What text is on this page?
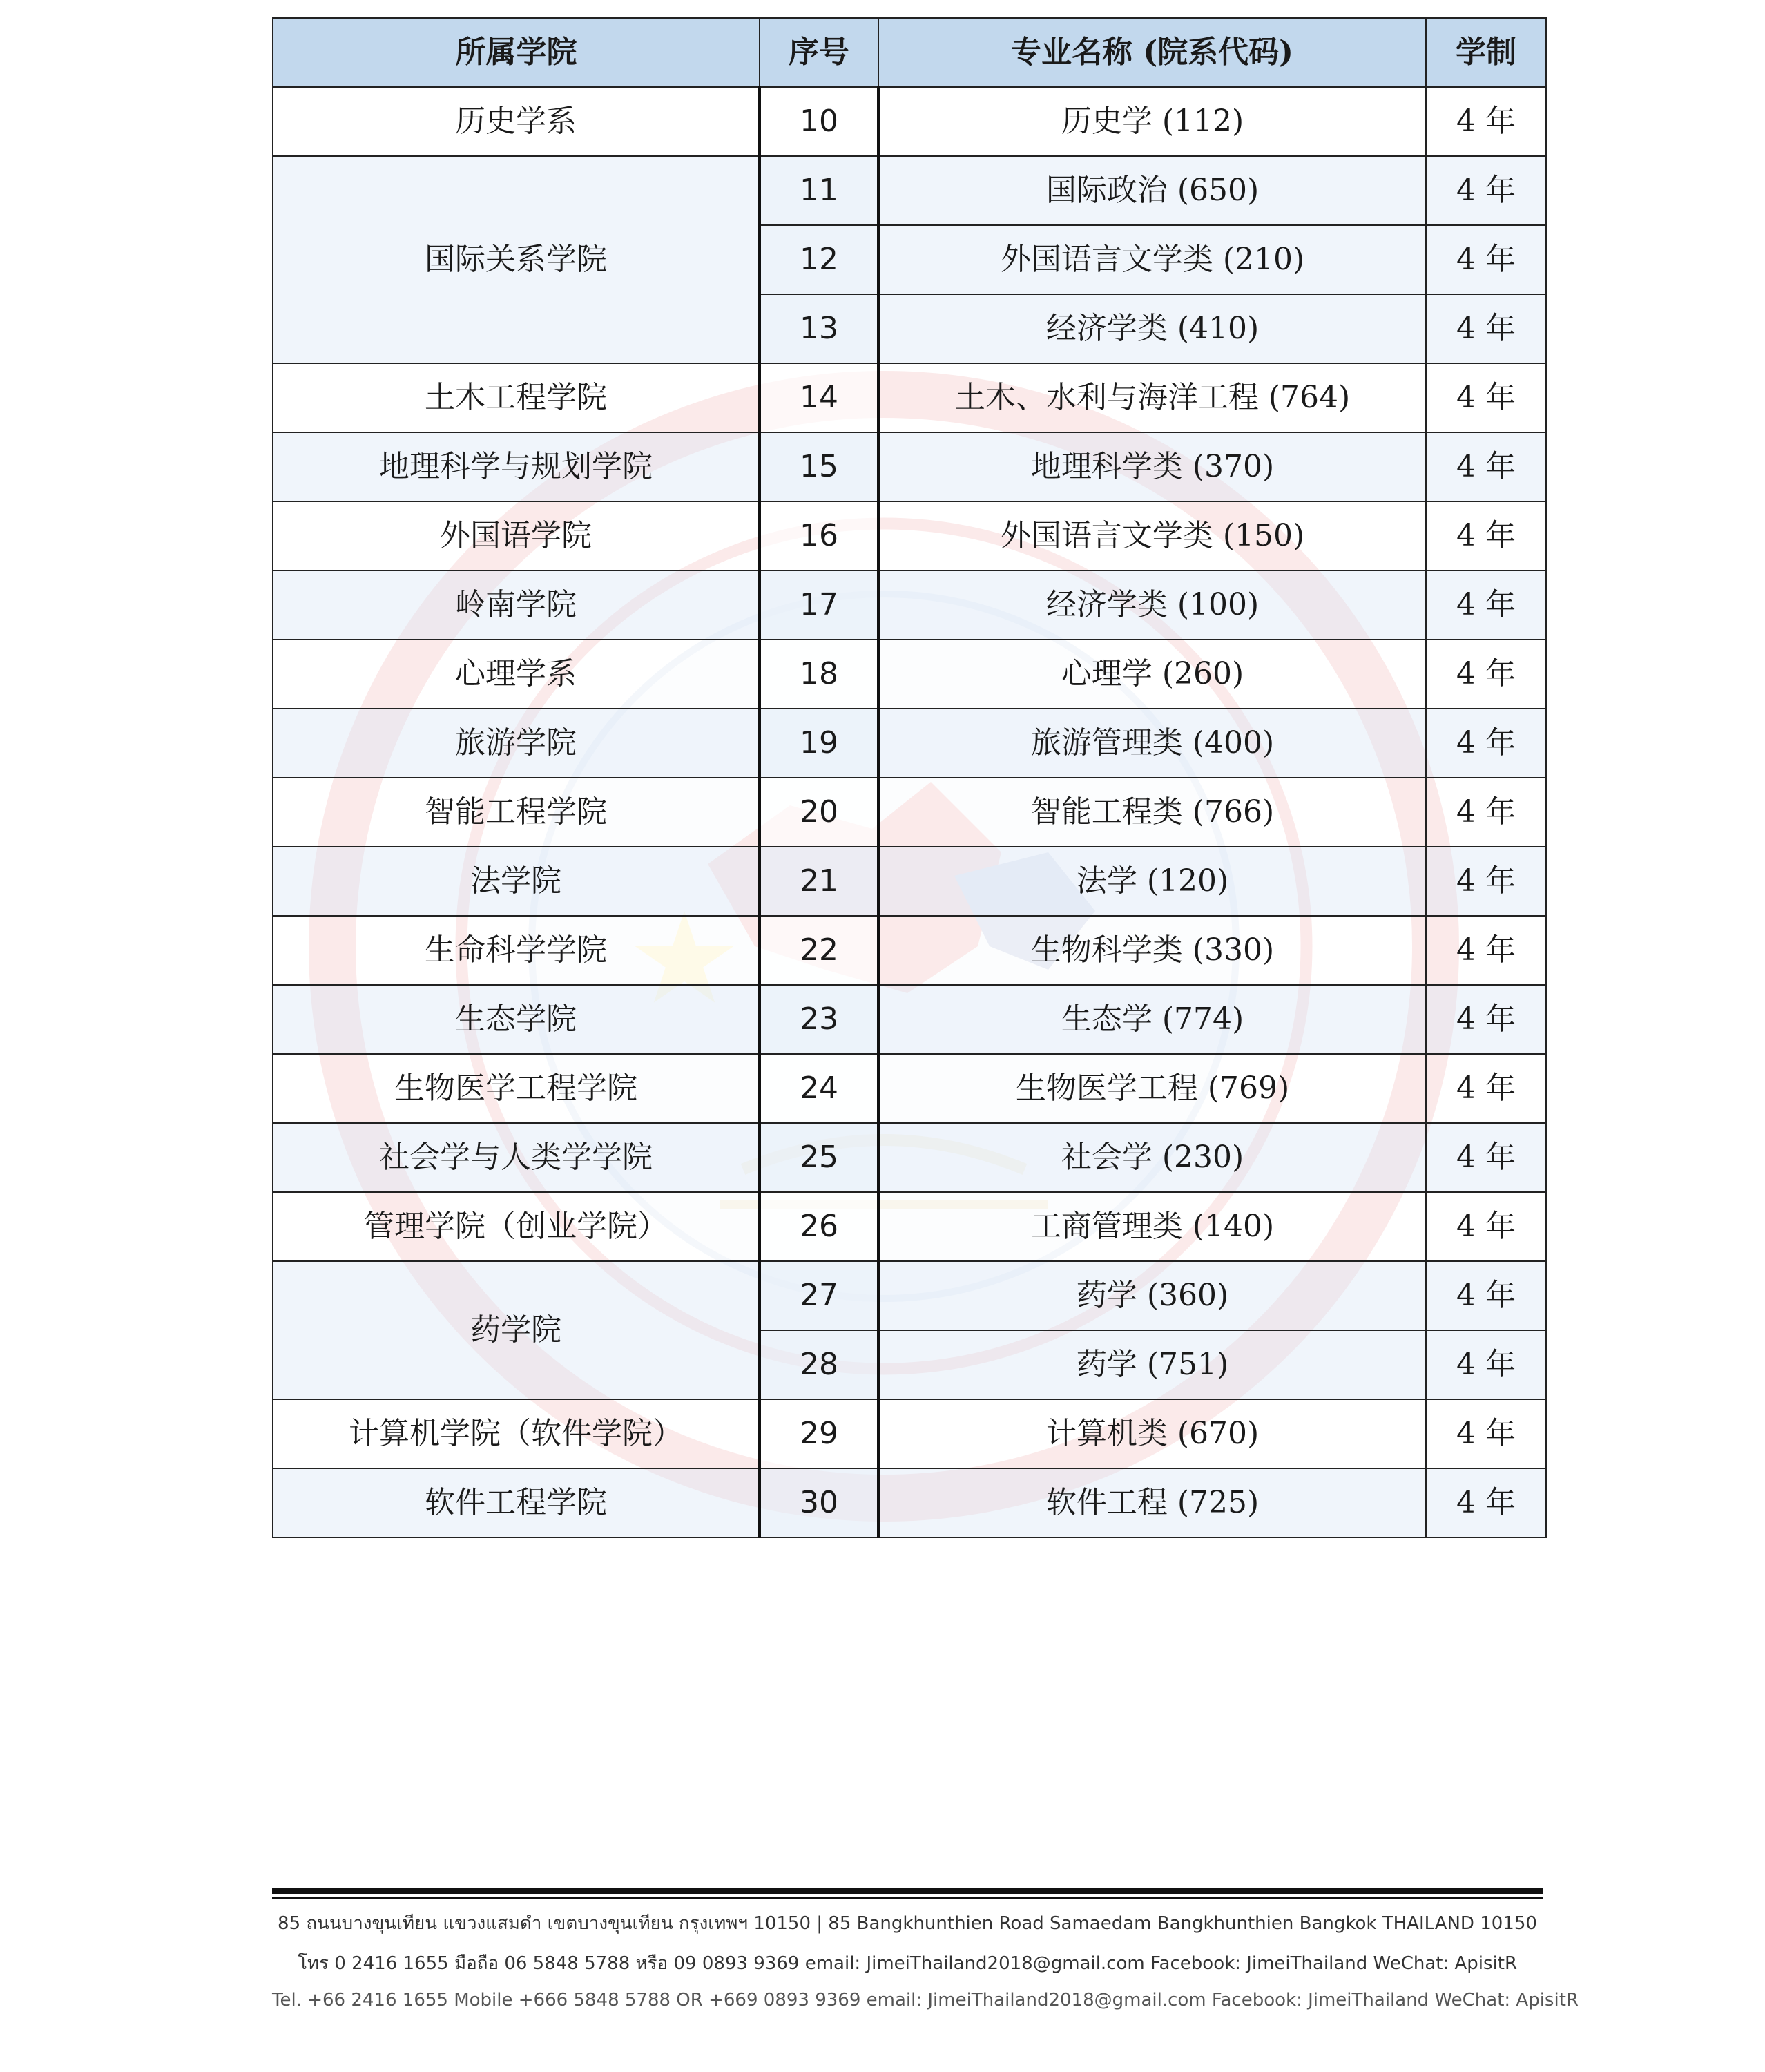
所属学院	序号	专业名称 (院系代码)	学制
历史学系	10	历史学 (112)	4 年
国际关系学院	11	国际政治 (650)	4 年
	12	外国语言文学类 (210)	4 年
	13	经济学类 (410)	4 年
土木工程学院	14	土木、水利与海洋工程 (764)	4 年
地理科学与规划学院	15	地理科学类 (370)	4 年
外国语学院	16	外国语言文学类 (150)	4 年
岭南学院	17	经济学类 (100)	4 年
心理学系	18	心理学 (260)	4 年
旅游学院	19	旅游管理类 (400)	4 年
智能工程学院	20	智能工程类 (766)	4 年
法学院	21	法学 (120)	4 年
生命科学学院	22	生物科学类 (330)	4 年
生态学院	23	生态学 (774)	4 年
生物医学工程学院	24	生物医学工程 (769)	4 年
社会学与人类学学院	25	社会学 (230)	4 年
管理学院（创业学院）	26	工商管理类 (140)	4 年
药学院	27	药学 (360)	4 年
	28	药学 (751)	4 年
计算机学院（软件学院）	29	计算机类 (670)	4 年
软件工程学院	30	软件工程 (725)	4 年
85 ถนนบางขุนเทียน แขวงแสมดำ เขตบางขุนเทียน กรุงเทพฯ 10150 | 85 Bangkhunthien Road Samaedam Bangkhunthien Bangkok THAILAND 10150
โทร 0 2416 1655 มือถือ 06 5848 5788 หรือ 09 0893 9369 email: JimeiThailand2018@gmail.com Facebook: JimeiThailand WeChat: ApisitR
Tel. +66 2416 1655 Mobile +666 5848 5788 OR +669 0893 9369 email: JimeiThailand2018@gmail.com Facebook: JimeiThailand WeChat: ApisitR
